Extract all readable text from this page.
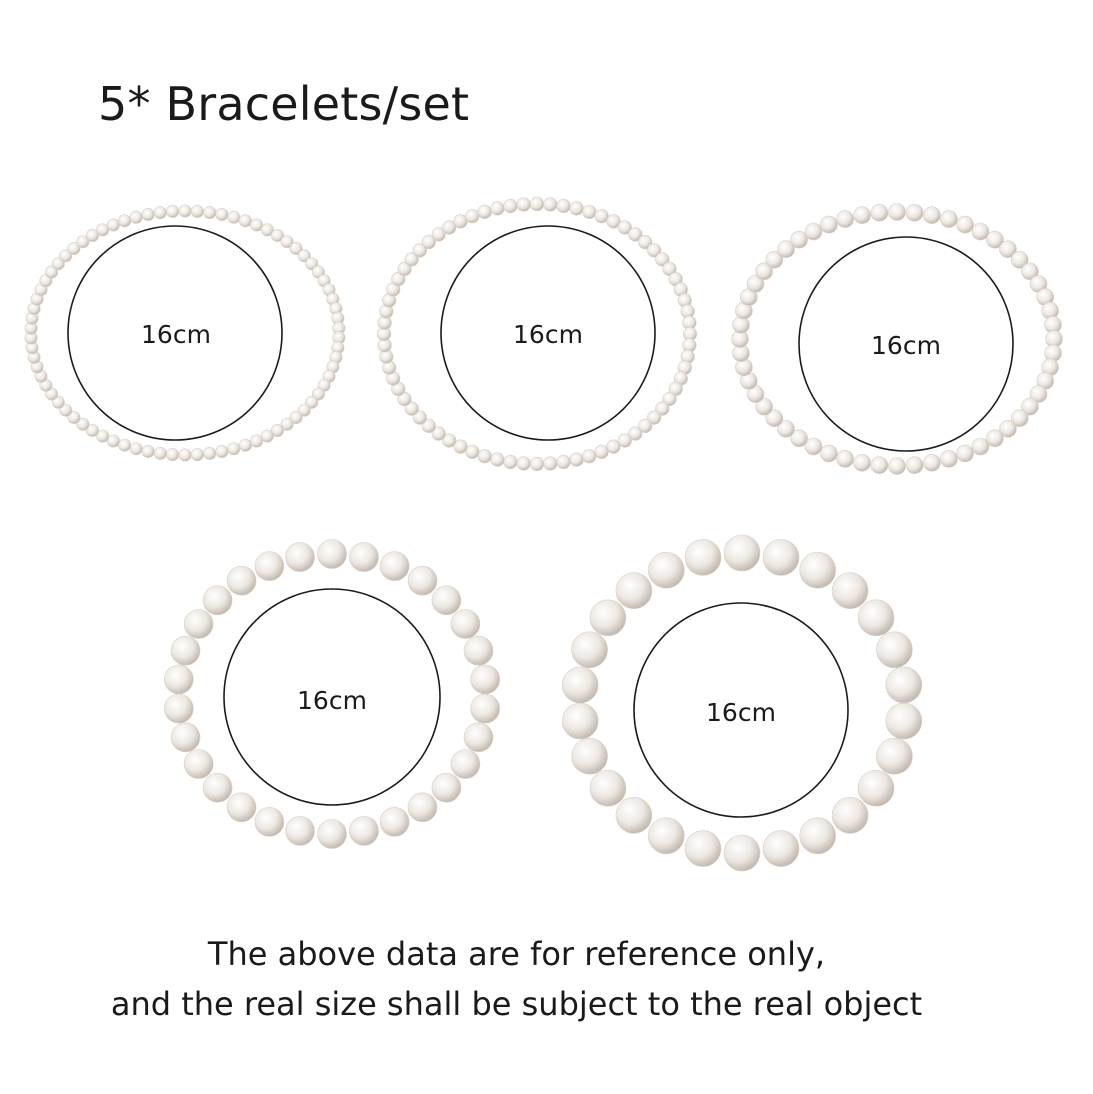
5* Bracelets/set
16cm	16cm	16cm
16cm	16cm
The above data are for reference only,
and the real size shall be subject to the real object
